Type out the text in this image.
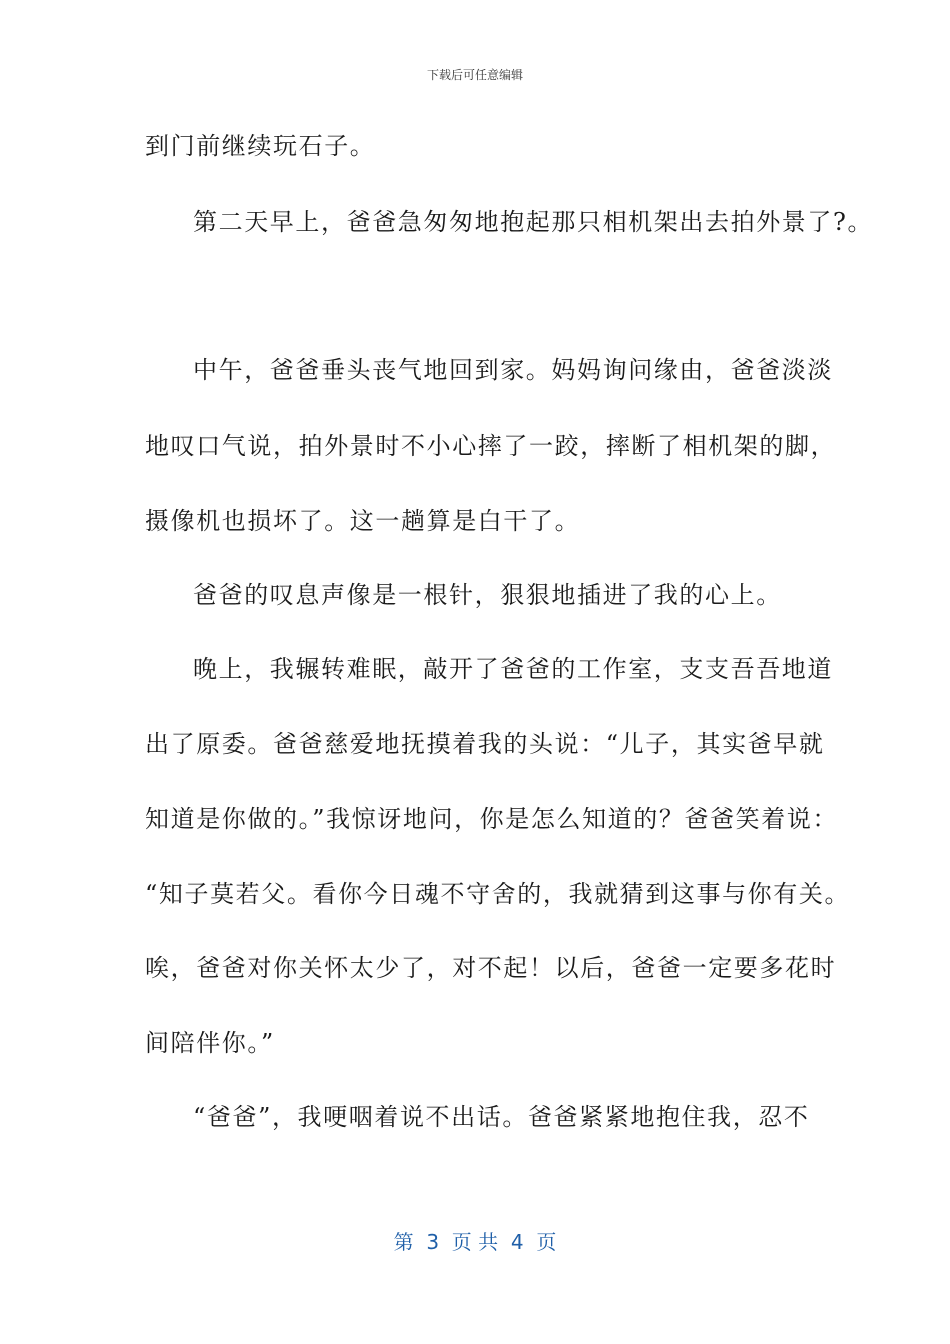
下载后可任意编辑
到门前继续玩石子。
第二天早上，爸爸急匆匆地抱起那只相机架出去拍外景了?。
中午，爸爸垂头丧气地回到家。妈妈询问缘由，爸爸淡淡
地叹口气说，拍外景时不小心摔了一跤，摔断了相机架的脚，
摄像机也损坏了。这一趟算是白干了。
爸爸的叹息声像是一根针，狠狠地插进了我的心上。
晚上，我辗转难眠，敲开了爸爸的工作室，支支吾吾地道
出了原委。爸爸慈爱地抚摸着我的头说：“儿子，其实爸早就
知道是你做的。”我惊讶地问，你是怎么知道的？爸爸笑着说：
“知子莫若父。看你今日魂不守舍的，我就猜到这事与你有关。
唉，爸爸对你关怀太少了，对不起！以后，爸爸一定要多花时
间陪伴你。”
“爸爸”，我哽咽着说不出话。爸爸紧紧地抱住我，忍不
第  3  页 共  4  页
